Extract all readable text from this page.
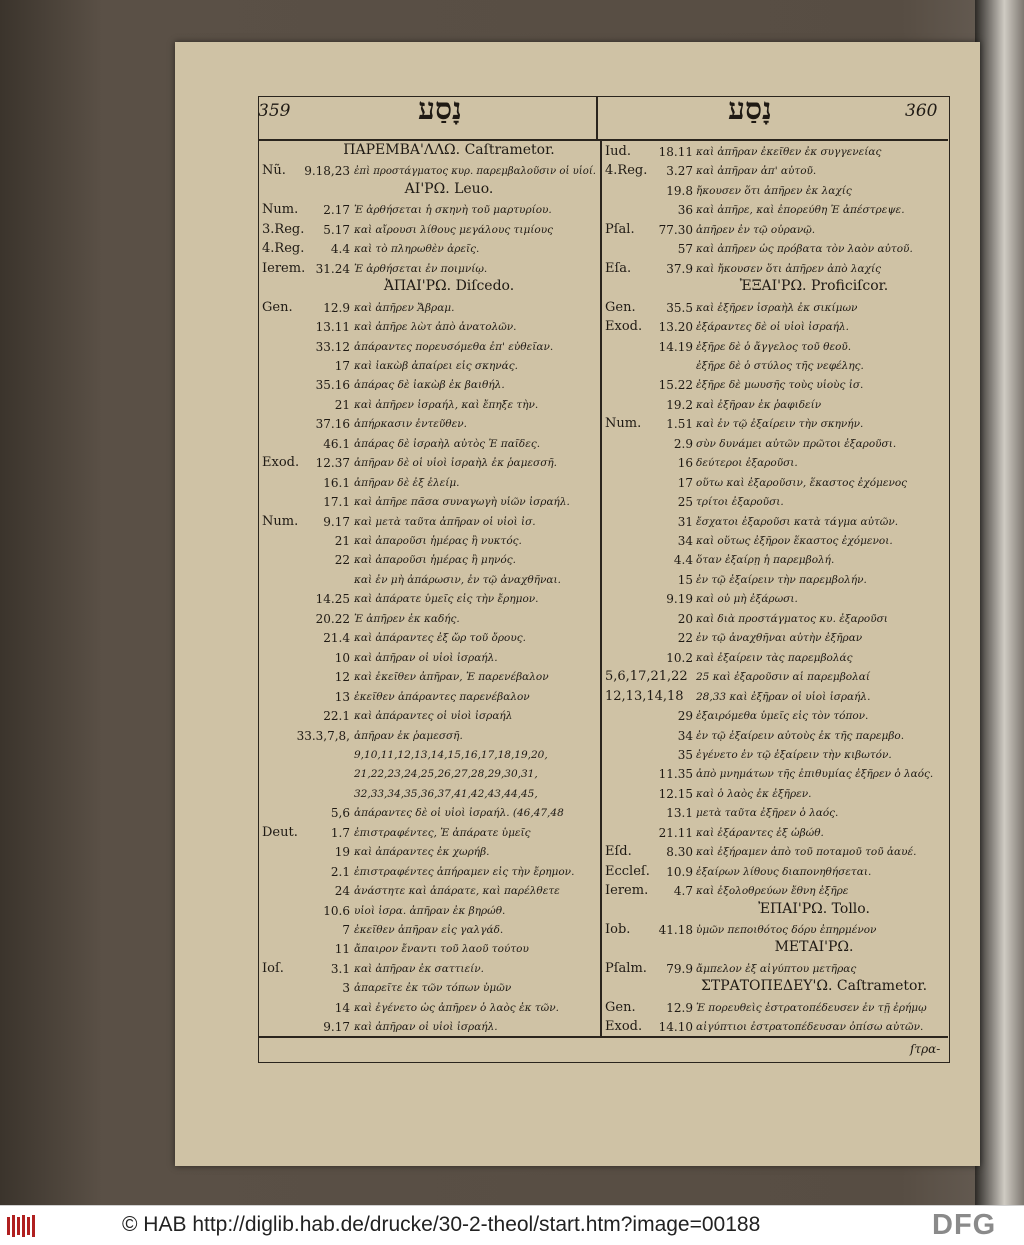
359	360
נָסַע	נָסַע
ΠΑΡΕΜΒΑ'ΛΛΩ. Caſtrametor.
Nũ. 9.18,23 ἐπὶ προστάγματος κυρ. παρεμβαλοῦσιν οἱ υἱοί.
ΑΙ'ΡΩ. Leuo.
Num. 2.17 Ἐ ἀρθήσεται ἡ σκηνὴ τοῦ μαρτυρίου.
3.Reg. 5.17 καὶ αἴρουσι λίθους μεγάλους τιμίους
4.Reg. 4.4 καὶ τὸ πληρωθὲν ἀρεῖς.
Ierem. 31.24 Ἐ ἀρθήσεται ἐν ποιμνίῳ.
ἈΠΑΙ'ΡΩ. Diſcedo.
Gen.	12.9 καὶ ἀπῆρεν Ἄβραμ.
13.11 καὶ ἀπῆρε λὼτ ἀπὸ ἀνατολῶν.
33.12 ἀπάραντες πορευσόμεθα ἐπ' εὐθεῖαν.
17 καὶ ἰακὼβ ἀπαίρει εἰς σκηνάς.
35.16 ἀπάρας δὲ ἰακὼβ ἐκ βαιθήλ.
21 καὶ ἀπῆρεν ἰσραήλ, καὶ ἔπηξε τὴν.
37.16 ἀπήρκασιν ἐντεῦθεν.
46.1 ἀπάρας δὲ ἰσραὴλ αὐτὸς Ἐ παῖδες.
Exod. 12.37 ἀπῆραν δὲ οἱ υἱοὶ ἰσραὴλ ἐκ ῥαμεσσῆ.
16.1 ἀπῆραν δὲ ἐξ ἐλείμ.
17.1 καὶ ἀπῆρε πᾶσα συναγωγὴ υἱῶν ἰσραήλ.
Num. 9.17 καὶ μετὰ ταῦτα ἀπῆραν οἱ υἱοὶ ἰσ.
21 καὶ ἀπαροῦσι ἡμέρας ἢ νυκτός.
22 καὶ ἀπαροῦσι ἡμέρας ἢ μηνός.
καὶ ἐν μὴ ἀπάρωσιν, ἐν τῷ ἀναχθῆναι.
14.25 καὶ ἀπάρατε ὑμεῖς εἰς τὴν ἔρημον.
20.22 Ἐ ἀπῆρεν ἐκ καδής.
21.4 καὶ ἀπάραντες ἐξ ὤρ τοῦ ὄρους.
10 καὶ ἀπῆραν οἱ υἱοὶ ἰσραήλ.
12 καὶ ἐκεῖθεν ἀπῆραν, Ἐ παρενέβαλον
13 ἐκεῖθεν ἀπάραντες παρενέβαλον
22.1 καὶ ἀπάραντες οἱ υἱοὶ ἰσραήλ
33.3,7,8, ἀπῆραν ἐκ ῥαμεσσῆ.
9,10,11,12,13,14,15,16,17,18,19,20,
21,22,23,24,25,26,27,28,29,30,31,
32,33,34,35,36,37,41,42,43,44,45,
5,6 ἀπάραντες δὲ οἱ υἱοὶ ἰσραήλ. (46,47,48
Deut.	1.7 ἐπιστραφέντες, Ἐ ἀπάρατε ὑμεῖς
19 καὶ ἀπάραντες ἐκ χωρήβ.
2.1 ἐπιστραφέντες ἀπήραμεν εἰς τὴν ἔρημον.
24 ἀνάστητε καὶ ἀπάρατε, καὶ παρέλθετε
10.6 υἱοὶ ἰσρα. ἀπῆραν ἐκ βηρώθ.
7 ἐκεῖθεν ἀπῆραν εἰς γαλγάδ.
11 ἄπαιρον ἔναντι τοῦ λαοῦ τούτου
Ioſ.	3.1 καὶ ἀπῆραν ἐκ σαττιείν.
3 ἀπαρεῖτε ἐκ τῶν τόπων ὑμῶν
14 καὶ ἐγένετο ὡς ἀπῆρεν ὁ λαὸς ἐκ τῶν.
9.17 καὶ ἀπῆραν οἱ υἱοὶ ἰσραήλ.
Iud. 18.11 καὶ ἀπῆραν ἐκεῖθεν ἐκ συγγενείας
4.Reg. 3.27 καὶ ἀπῆραν ἀπ' αὐτοῦ.
19.8 ἤκουσεν ὅτι ἀπῆρεν ἐκ λαχίς
36 καὶ ἀπῆρε, καὶ ἐπορεύθη Ἐ ἀπέστρεψε.
Pſal. 77.30 ἀπῆρεν ἐν τῷ οὐρανῷ.
57 καὶ ἀπῆρεν ὡς πρόβατα τὸν λαὸν αὐτοῦ.
Eſa.	37.9 καὶ ἤκουσεν ὅτι ἀπῆρεν ἀπὸ λαχίς
ἘΞΑΙ'ΡΩ. Proficiſcor.
Gen.	35.5 καὶ ἐξῆρεν ἰσραὴλ ἐκ σικίμων
Exod. 13.20 ἐξάραντες δὲ οἱ υἱοὶ ἰσραήλ.
14.19 ἐξῆρε δὲ ὁ ἄγγελος τοῦ θεοῦ.
ἐξῆρε δὲ ὁ στύλος τῆς νεφέλης.
15.22 ἐξῆρε δὲ μωυσῆς τοὺς υἱοὺς ἰσ.
19.2 καὶ ἐξῆραν ἐκ ῥαφιδείν
Num. 1.51 καὶ ἐν τῷ ἐξαίρειν τὴν σκηνήν.
2.9 σὺν δυνάμει αὐτῶν πρῶτοι ἐξαροῦσι.
16 δεύτεροι ἐξαροῦσι.
17 οὕτω καὶ ἐξαροῦσιν, ἕκαστος ἐχόμενος
25 τρίτοι ἐξαροῦσι.
31 ἔσχατοι ἐξαροῦσι κατὰ τάγμα αὐτῶν.
34 καὶ οὕτως ἐξῆρον ἕκαστος ἐχόμενοι.
4.4 ὅταν ἐξαίρῃ ἡ παρεμβολή.
15 ἐν τῷ ἐξαίρειν τὴν παρεμβολήν.
9.19 καὶ οὐ μὴ ἐξάρωσι.
20 καὶ διὰ προστάγματος κυ. ἐξαροῦσι
22 ἐν τῷ ἀναχθῆναι αὐτὴν ἐξῆραν
10.2 καὶ ἐξαίρειν τὰς παρεμβολάς
5,6,17,21,22 25 καὶ ἐξαροῦσιν αἱ παρεμβολαί
12,13,14,18 28,33 καὶ ἐξῆραν οἱ υἱοὶ ἰσραήλ.
29 ἐξαιρόμεθα ὑμεῖς εἰς τὸν τόπον.
34 ἐν τῷ ἐξαίρειν αὐτοὺς ἐκ τῆς παρεμβο.
35 ἐγένετο ἐν τῷ ἐξαίρειν τὴν κιβωτόν.
11.35 ἀπὸ μνημάτων τῆς ἐπιθυμίας ἐξῆρεν ὁ λαός.
12.15 καὶ ὁ λαὸς ἐκ ἐξῆρεν.
13.1 μετὰ ταῦτα ἐξῆρεν ὁ λαός.
21.11 καὶ ἐξάραντες ἐξ ὠβώθ.
Eſd.	8.30 καὶ ἐξήραμεν ἀπὸ τοῦ ποταμοῦ τοῦ ἀαυέ.
Eccleſ. 10.9 ἐξαίρων λίθους διαπονηθήσεται.
Ierem. 4.7 καὶ ἐξολοθρεύων ἔθνη ἐξῆρε
ἘΠΑΙ'ΡΩ. Tollo.
Iob. 41.18 ὑμῶν πεποιθότος δόρυ ἐπηρμένον
ΜΕΤΑΙ'ΡΩ.
Pſalm. 79.9 ἄμπελον ἐξ αἰγύπτου μετῆρας
ΣΤΡΑΤΟΠΕΔΕΥ'Ω. Caſtrametor.
Gen.	12.9 Ἐ πορευθεὶς ἐστρατοπέδευσεν ἐν τῇ ἐρήμῳ
Exod. 14.10 αἰγύπτιοι ἐστρατοπέδευσαν ὀπίσω αὐτῶν.
ſτρα-
© HAB http://diglib.hab.de/drucke/30-2-theol/start.htm?image=00188	DFG
